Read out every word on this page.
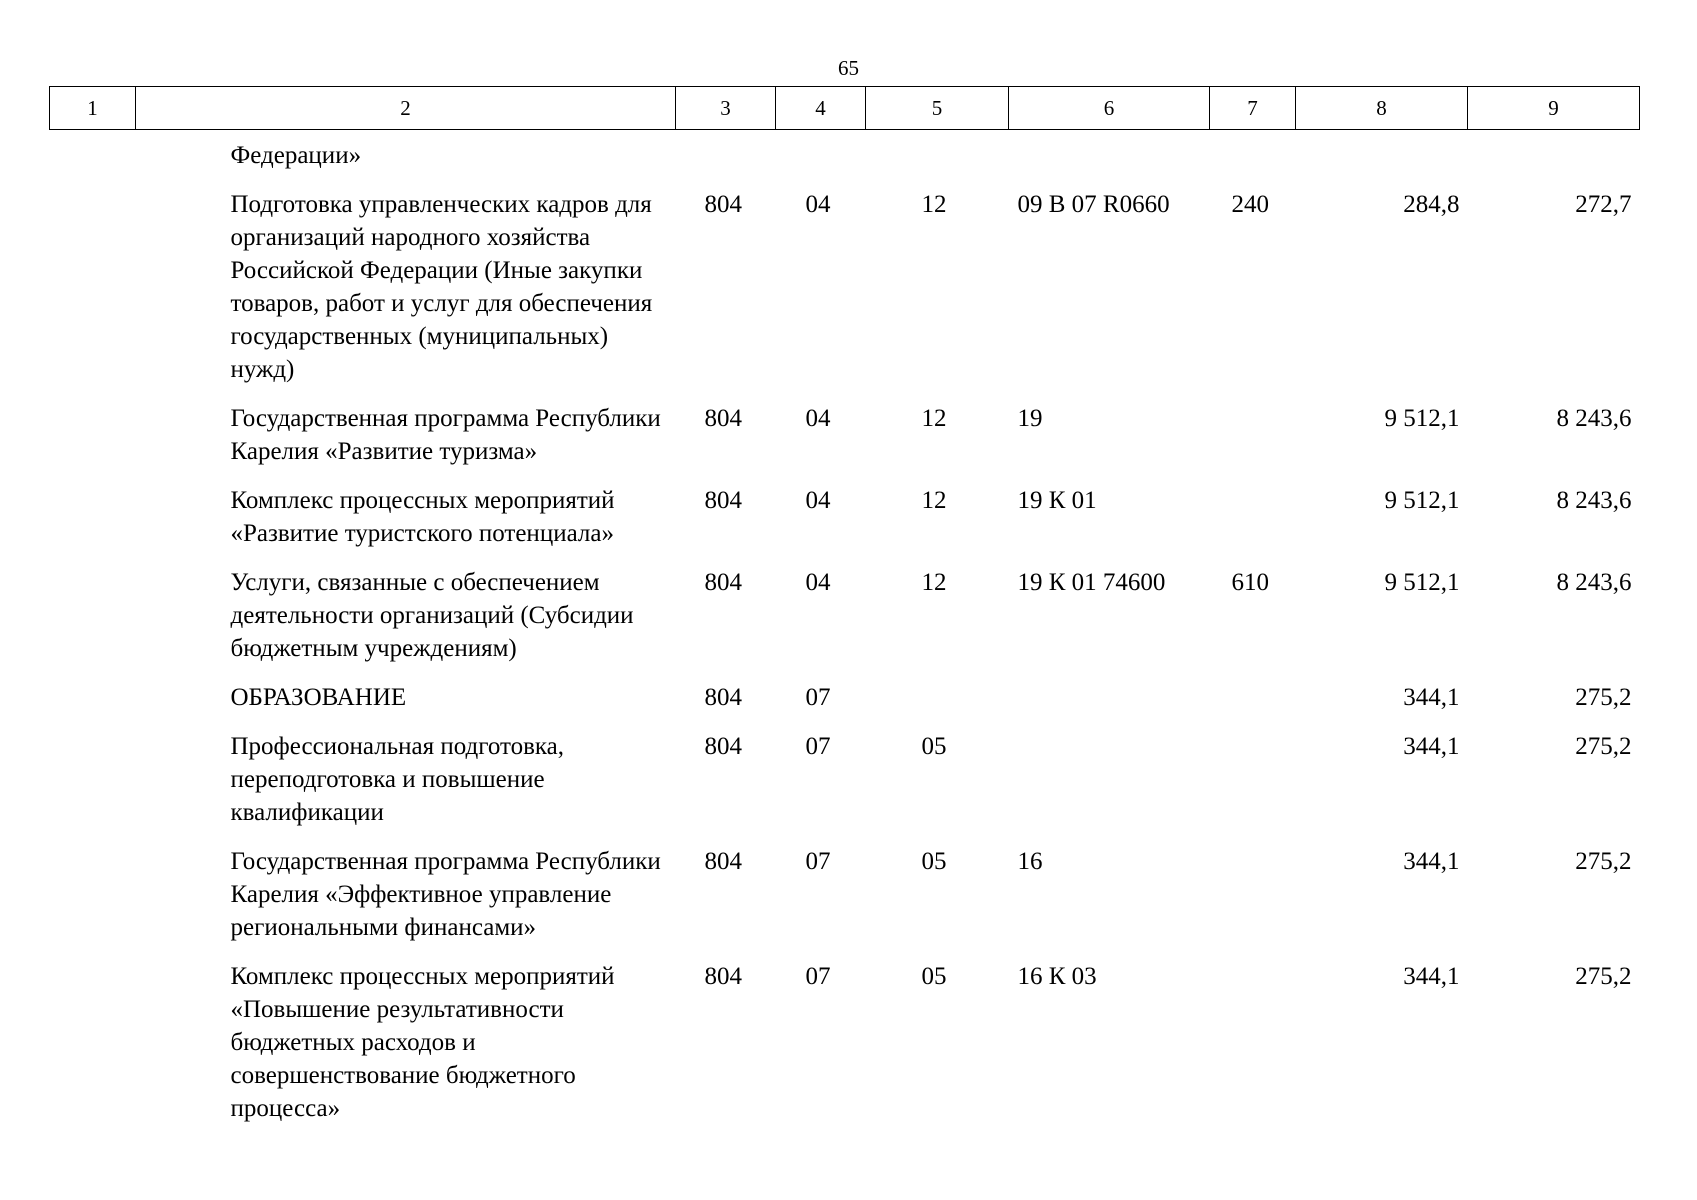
65
1	2	3	4	5	6	7	8	9
	Федерации»							
	Подготовка управленческих кадров для организаций народного хозяйства Российской Федерации (Иные закупки товаров, работ и услуг для обеспечения государственных (муниципальных) нужд)	804	04	12	09 В 07 R0660	240	284,8	272,7
	Государственная программа Республики Карелия «Развитие туризма»	804	04	12	19		9 512,1	8 243,6
	Комплекс процессных мероприятий «Развитие туристского потенциала»	804	04	12	19 К 01		9 512,1	8 243,6
	Услуги, связанные с обеспечением деятельности организаций (Субсидии бюджетным учреждениям)	804	04	12	19 К 01 74600	610	9 512,1	8 243,6
	ОБРАЗОВАНИЕ	804	07				344,1	275,2
	Профессиональная подготовка, переподготовка и повышение квалификации	804	07	05			344,1	275,2
	Государственная программа Республики Карелия «Эффективное управление региональными финансами»	804	07	05	16		344,1	275,2
	Комплекс процессных мероприятий «Повышение результативности бюджетных расходов и совершенствование бюджетного процесса»	804	07	05	16 К 03		344,1	275,2
